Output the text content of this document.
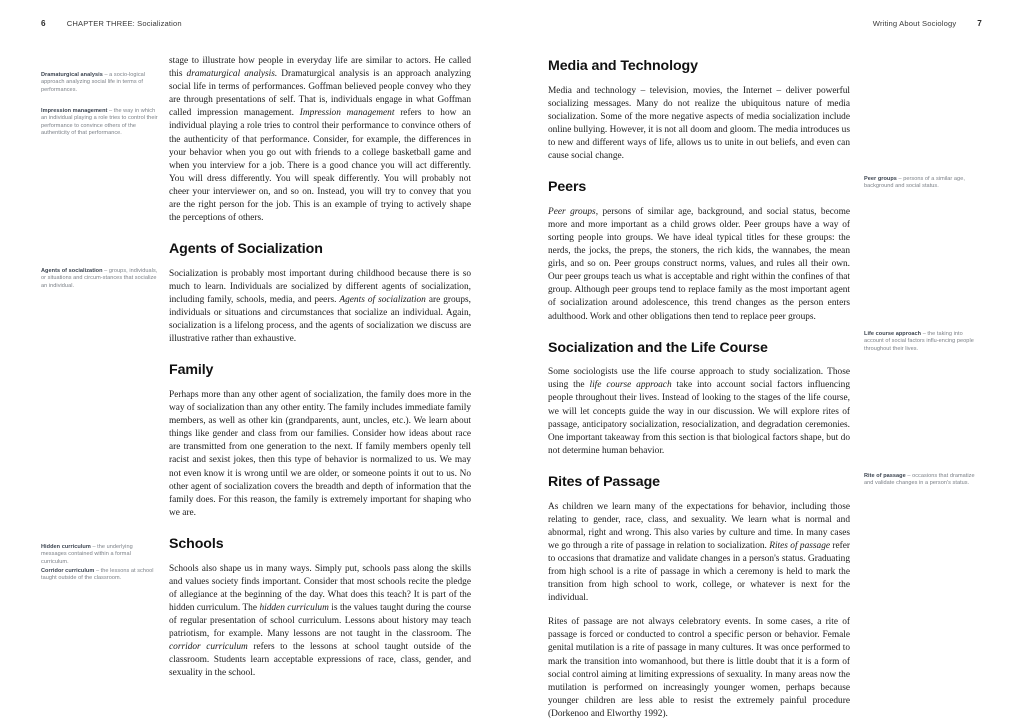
6	CHAPTER THREE: Socialization
Dramaturgical analysis – a socio-logical approach analyzing social life in terms of performances.
Impression management – the way in which an individual playing a role tries to control their performance to convince others of the authenticity of that performance.
Agents of socialization – groups, individuals, or situations and circum-stances that socialize an individual.
Hidden curriculum – the underlying messages contained within a formal curriculum.
Corridor curriculum – the lessons at school taught outside of the classroom.

stage to illustrate how people in everyday life are similar to actors. He called this dramaturgical analysis. Dramaturgical analysis is an approach analyzing social life in terms of performances. Goffman believed people convey who they are through presentations of self. That is, individuals engage in what Goffman called impression management. Impression management refers to how an individual playing a role tries to control their performance to convince others of the authenticity of that performance. Consider, for example, the differences in your behavior when you go out with friends to a college basketball game and when you interview for a job. There is a good chance you will act differently. You will dress differently. You will speak differently. You will probably not cheer your interviewer on, and so on. Instead, you will try to convey that you are the right person for the job. This is an example of trying to actively shape the perceptions of others.

Agents of Socialization

Socialization is probably most important during childhood because there is so much to learn. Individuals are socialized by different agents of socialization, including family, schools, media, and peers. Agents of socialization are groups, individuals or situations and circumstances that socialize an individual. Again, socialization is a lifelong process, and the agents of socialization we discuss are illustrative rather than exhaustive.

Family

Perhaps more than any other agent of socialization, the family does more in the way of socialization than any other entity. The family includes immediate family members, as well as other kin (grandparents, aunt, uncles, etc.). We learn about things like gender and class from our families. Consider how ideas about race are transmitted from one generation to the next. If family members openly tell racist and sexist jokes, then this type of behavior is normalized to us. We may not even know it is wrong until we are older, or someone points it out to us. No other agent of socialization covers the breadth and depth of information that the family does. For this reason, the family is extremely important for shaping who we are.

Schools

Schools also shape us in many ways. Simply put, schools pass along the skills and values society finds important. Consider that most schools recite the pledge of allegiance at the beginning of the day. What does this teach? It is part of the hidden curriculum. The hidden curriculum is the values taught during the course of regular presentation of school curriculum. Lessons about history may teach patriotism, for example. Many lessons are not taught in the classroom. The corridor curriculum refers to the lessons at school taught outside of the classroom. Students learn acceptable expressions of race, class, gender, and sexuality in the school.

Writing About Sociology	7
Peer groups – persons of a similar age, background and social status.
Life course approach – the taking into account of social factors influ-encing people throughout their lives.
Rite of passage – occasions that dramatize and validate changes in a person's status.
Media and Technology

Media and technology – television, movies, the Internet – deliver powerful socializing messages. Many do not realize the ubiquitous nature of media socialization. Some of the more negative aspects of media socialization include online bullying. However, it is not all doom and gloom. The media introduces us to new and different ways of life, allows us to unite in out beliefs, and even can cause social change.

Peers

Peer groups, persons of similar age, background, and social status, become more and more important as a child grows older. Peer groups have a way of sorting people into groups. We have ideal typical titles for these groups: the nerds, the jocks, the preps, the stoners, the rich kids, the wannabes, the mean girls, and so on. Peer groups construct norms, values, and rules all their own. Our peer groups teach us what is acceptable and right within the confines of that group. Although peer groups tend to replace family as the most important agent of socialization around adolescence, this trend changes as the person enters adulthood. Work and other obligations then tend to replace peer groups.

Socialization and the Life Course

Some sociologists use the life course approach to study socialization. Those using the life course approach take into account social factors influencing people throughout their lives. Instead of looking to the stages of the life course, we will let concepts guide the way in our discussion. We will explore rites of passage, anticipatory socialization, resocialization, and degradation ceremonies. One important takeaway from this section is that biological factors shape, but do not determine human behavior.

Rites of Passage

As children we learn many of the expectations for behavior, including those relating to gender, race, class, and sexuality. We learn what is normal and abnormal, right and wrong. This also varies by culture and time. In many cases we go through a rite of passage in relation to socialization. Rites of passage refer to occasions that dramatize and validate changes in a person's status. Graduating from high school is a rite of passage in which a ceremony is held to mark the transition from high school to work, college, or whatever is next for the individual.

Rites of passage are not always celebratory events. In some cases, a rite of passage is forced or conducted to control a specific person or behavior. Female genital mutilation is a rite of passage in many cultures. It was once performed to mark the transition into womanhood, but there is little doubt that it is a form of social control aiming at limiting expressions of sexuality. In many areas now the mutilation is performed on increasingly younger women, perhaps because younger children are less able to resist the extremely painful procedure (Dorkenoo and Elworthy 1992).
